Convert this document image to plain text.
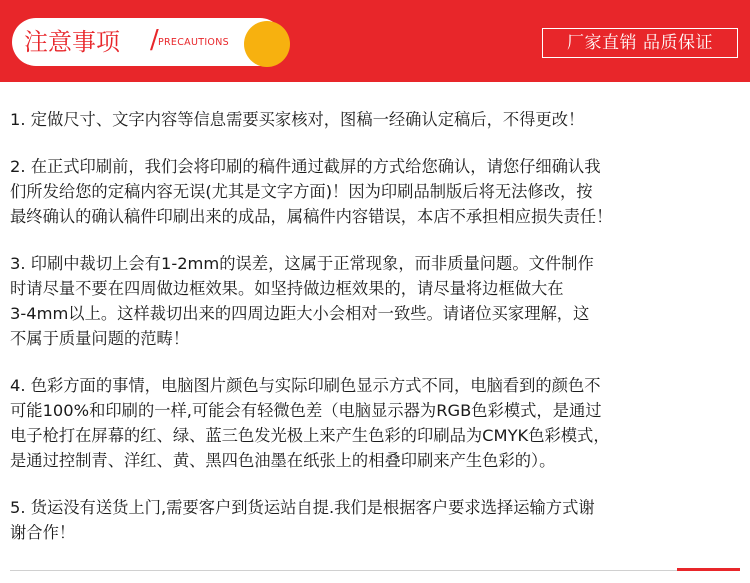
注意事项 / PRECAUTIONS	厂家直销 品质保证

1. 定做尺寸、文字内容等信息需要买家核对，图稿一经确认定稿后，不得更改！

2. 在正式印刷前，我们会将印刷的稿件通过截屏的方式给您确认，请您仔细确认我

们所发给您的定稿内容无误(尤其是文字方面)！因为印刷品制版后将无法修改，按

最终确认的确认稿件印刷出来的成品，属稿件内容错误，本店不承担相应损失责任！

3. 印刷中裁切上会有1-2mm的误差，这属于正常现象，而非质量问题。文件制作

时请尽量不要在四周做边框效果。如坚持做边框效果的，请尽量将边框做大在

3-4mm以上。这样裁切出来的四周边距大小会相对一致些。请诸位买家理解，这

不属于质量问题的范畴！

4. 色彩方面的事情，电脑图片颜色与实际印刷色显示方式不同，电脑看到的颜色不

可能100%和印刷的一样,可能会有轻微色差（电脑显示器为RGB色彩模式，是通过

电子枪打在屏幕的红、绿、蓝三色发光极上来产生色彩的印刷品为CMYK色彩模式，

是通过控制青、洋红、黄、黑四色油墨在纸张上的相叠印刷来产生色彩的）。

5. 货运没有送货上门,需要客户到货运站自提.我们是根据客户要求选择运输方式谢

谢合作！
